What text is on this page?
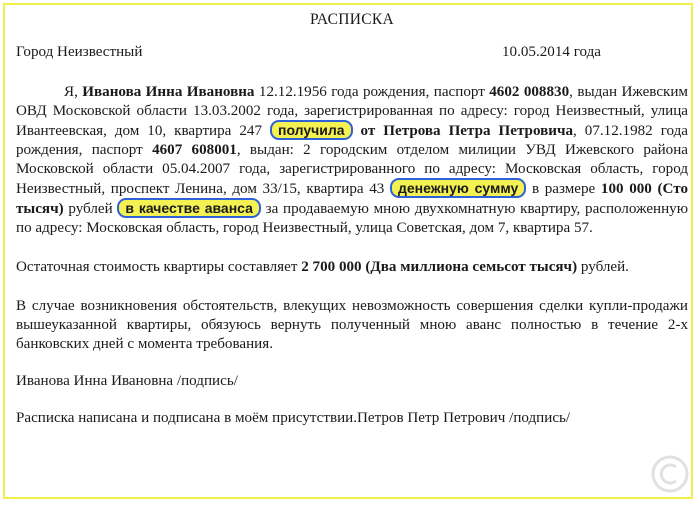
РАСПИСКА
Город Неизвестный	10.05.2014 года

Я, Иванова Инна Ивановна 12.12.1956 года рождения, паспорт 4602 008830, выдан Ижевским ОВД Московской области 13.03.2002 года, зарегистрированная по адресу: город Неизвестный, улица Ивантеевская, дом 10, квартира 247 получила от Петрова Петра Петровича, 07.12.1982 года рождения, паспорт 4607 608001, выдан: 2 городским отделом милиции УВД Ижевского района Московской области 05.04.2007 года, зарегистрированного по адресу: Московская область, город Неизвестный, проспект Ленина, дом 33/15, квартира 43 денежную сумму в размере 100 000 (Сто тысяч) рублей в качестве аванса за продаваемую мною двухкомнатную квартиру, расположенную по адресу: Московская область, город Неизвестный, улица Советская, дом 7, квартира 57.

Остаточная стоимость квартиры составляет 2 700 000 (Два миллиона семьсот тысяч) рублей.

В случае возникновения обстоятельств, влекущих невозможность совершения сделки купли-продажи вышеуказанной квартиры, обязуюсь вернуть полученный мною аванс полностью в течение 2-х банковских дней с момента требования.

Иванова Инна Ивановна /подпись/

Расписка написана и подписана в моём присутствии.Петров Петр Петрович /подпись/
